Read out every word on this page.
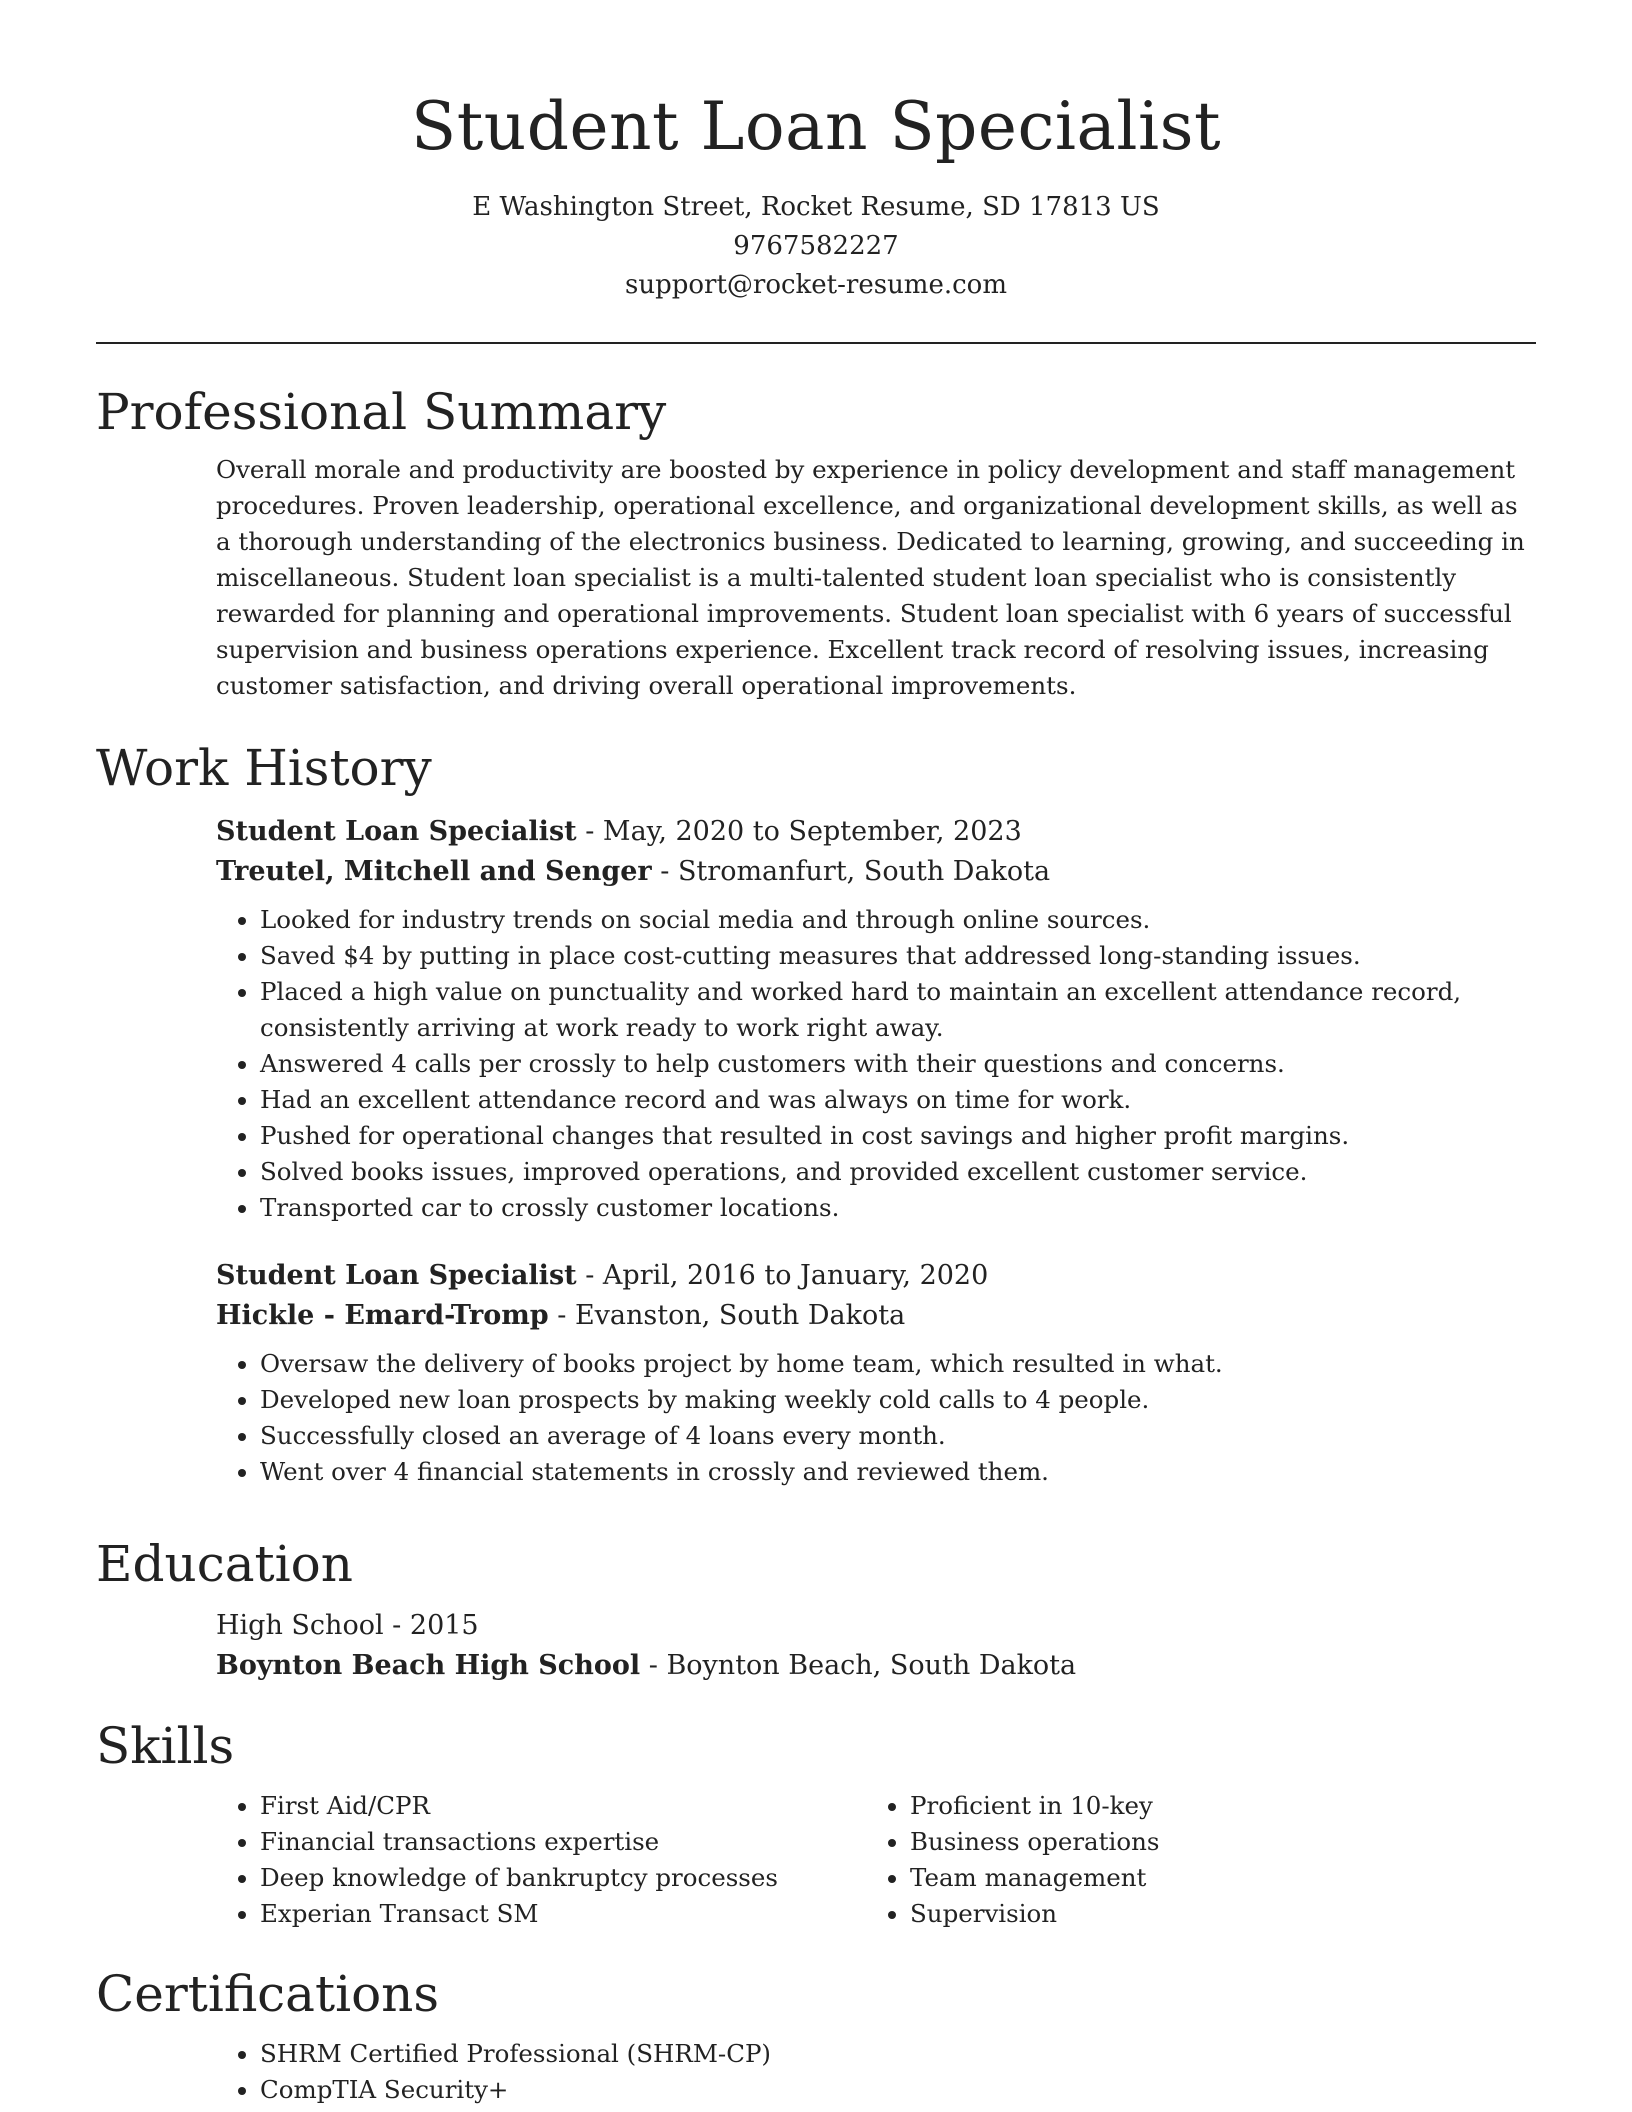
Student Loan Specialist
E Washington Street, Rocket Resume, SD 17813 US
9767582227
support@rocket-resume.com
Professional Summary

Overall morale and productivity are boosted by experience in policy development and staff management procedures. Proven leadership, operational excellence, and organizational development skills, as well as a thorough understanding of the electronics business. Dedicated to learning, growing, and succeeding in miscellaneous. Student loan specialist is a multi-talented student loan specialist who is consistently rewarded for planning and operational improvements. Student loan specialist with 6 years of successful supervision and business operations experience. Excellent track record of resolving issues, increasing customer satisfaction, and driving overall operational improvements.

Work History
Student Loan Specialist - May, 2020 to September, 2023
Treutel, Mitchell and Senger - Stromanfurt, South Dakota
• Looked for industry trends on social media and through online sources.
• Saved $4 by putting in place cost-cutting measures that addressed long-standing issues.
• Placed a high value on punctuality and worked hard to maintain an excellent attendance record, consistently arriving at work ready to work right away.
• Answered 4 calls per crossly to help customers with their questions and concerns.
• Had an excellent attendance record and was always on time for work.
• Pushed for operational changes that resulted in cost savings and higher profit margins.
• Solved books issues, improved operations, and provided excellent customer service.
• Transported car to crossly customer locations.
Student Loan Specialist - April, 2016 to January, 2020
Hickle - Emard-Tromp - Evanston, South Dakota
• Oversaw the delivery of books project by home team, which resulted in what.
• Developed new loan prospects by making weekly cold calls to 4 people.
• Successfully closed an average of 4 loans every month.
• Went over 4 financial statements in crossly and reviewed them.
Education
High School - 2015
Boynton Beach High School - Boynton Beach, South Dakota
Skills
• First Aid/CPR
• Financial transactions expertise
• Deep knowledge of bankruptcy processes
• Experian Transact SM
• Proficient in 10-key
• Business operations
• Team management
• Supervision
Certifications
• SHRM Certified Professional (SHRM-CP)
• CompTIA Security+
